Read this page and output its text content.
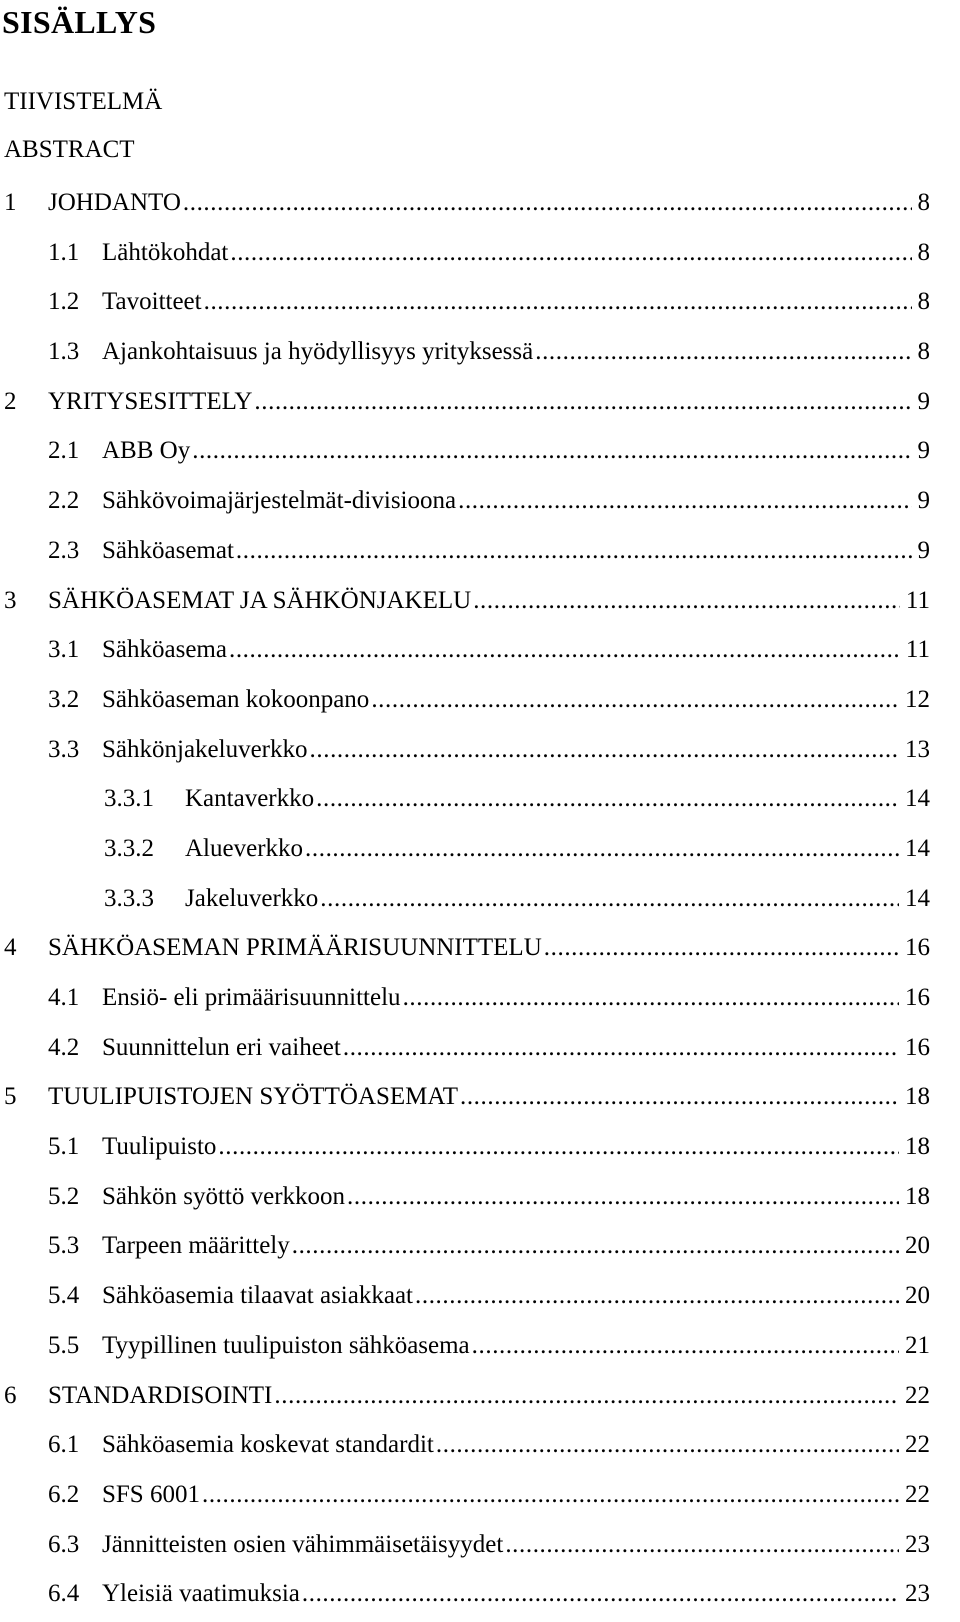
SISÄLLYS
TIIVISTELMÄ
ABSTRACT
1 JOHDANTO .....	8
1.1 Lähtökohdat .....	8
1.2 Tavoitteet .....	8
1.3 Ajankohtaisuus ja hyödyllisyys yrityksessä .....	8
2 YRITYSESITTELY .....	9
2.1 ABB Oy .....	9
2.2 Sähkövoimajärjestelmät-divisioona .....	9
2.3 Sähköasemat .....	9
3 SÄHKÖASEMAT JA SÄHKÖNJAKELU .....	11
3.1 Sähköasema .....	11
3.2 Sähköaseman kokoonpano .....	12
3.3 Sähkönjakeluverkko .....	13
3.3.1 Kantaverkko .....	14
3.3.2 Alueverkko .....	14
3.3.3 Jakeluverkko .....	14
4 SÄHKÖASEMAN PRIMÄÄRISUUNNITTELU .....	16
4.1 Ensiö- eli primäärisuunnittelu .....	16
4.2 Suunnittelun eri vaiheet .....	16
5 TUULIPUISTOJEN SYÖTTÖASEMAT .....	18
5.1 Tuulipuisto .....	18
5.2 Sähkön syöttö verkkoon .....	18
5.3 Tarpeen määrittely .....	20
5.4 Sähköasemia tilaavat asiakkaat .....	20
5.5 Tyypillinen tuulipuiston sähköasema .....	21
6 STANDARDISOINTI .....	22
6.1 Sähköasemia koskevat standardit .....	22
6.2 SFS 6001 .....	22
6.3 Jännitteisten osien vähimmäisetäisyydet .....	23
6.4 Yleisiä vaatimuksia .....	23
